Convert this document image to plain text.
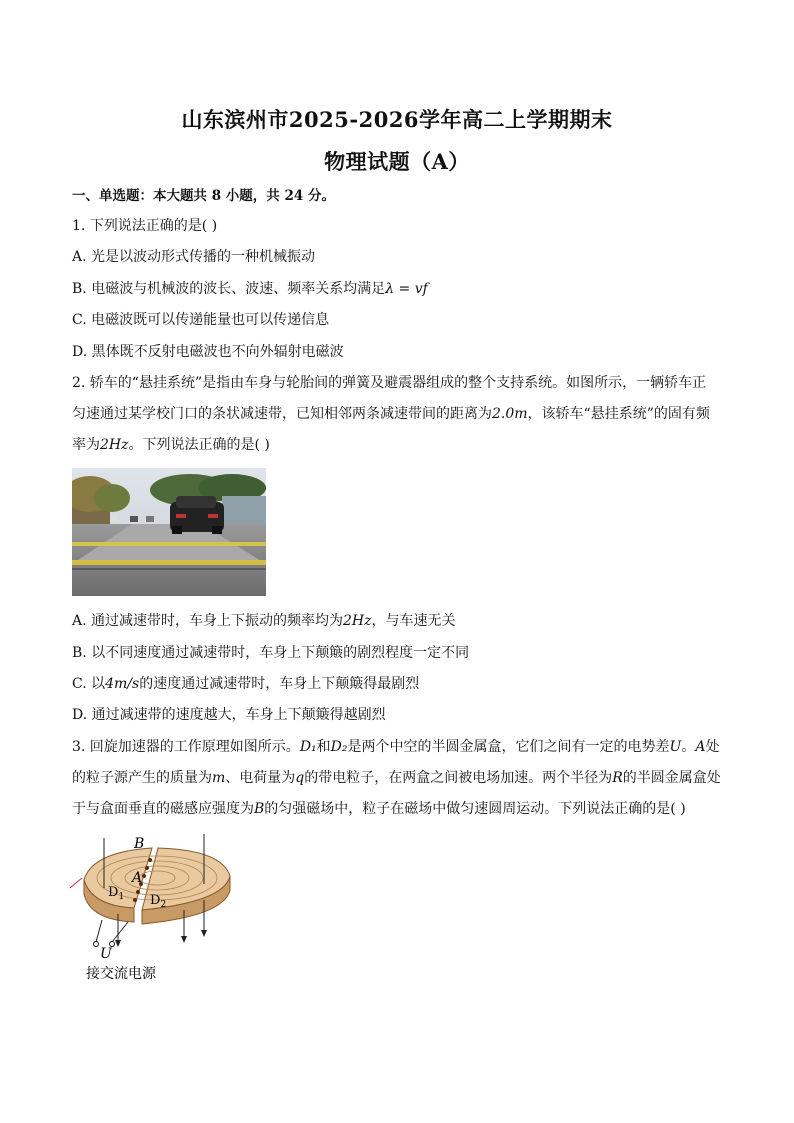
山东滨州市2025-2026学年高二上学期期末
物理试题（A）
一、单选题：本大题共 8 小题，共 24 分。
1. 下列说法正确的是( )
A. 光是以波动形式传播的一种机械振动
B. 电磁波与机械波的波长、波速、频率关系均满足λ = vf
C. 电磁波既可以传递能量也可以传递信息
D. 黑体既不反射电磁波也不向外辐射电磁波
2. 轿车的“悬挂系统”是指由车身与轮胎间的弹簧及避震器组成的整个支持系统。如图所示，一辆轿车正
匀速通过某学校门口的条状减速带，已知相邻两条减速带间的距离为2.0m，该轿车“悬挂系统”的固有频
率为2Hz。下列说法正确的是( )
A. 通过减速带时，车身上下振动的频率均为2Hz，与车速无关
B. 以不同速度通过减速带时，车身上下颠簸的剧烈程度一定不同
C. 以4m/s的速度通过减速带时，车身上下颠簸得最剧烈
D. 通过减速带的速度越大，车身上下颠簸得越剧烈
3. 回旋加速器的工作原理如图所示。D₁和D₂是两个中空的半圆金属盒，它们之间有一定的电势差U。A处
的粒子源产生的质量为m、电荷量为q的带电粒子，在两盒之间被电场加速。两个半径为R的半圆金属盒处
于与盒面垂直的磁感应强度为B的匀强磁场中，粒子在磁场中做匀速圆周运动。下列说法正确的是( )
B
A
$D_1$ $D_2$
U
接交流电源
